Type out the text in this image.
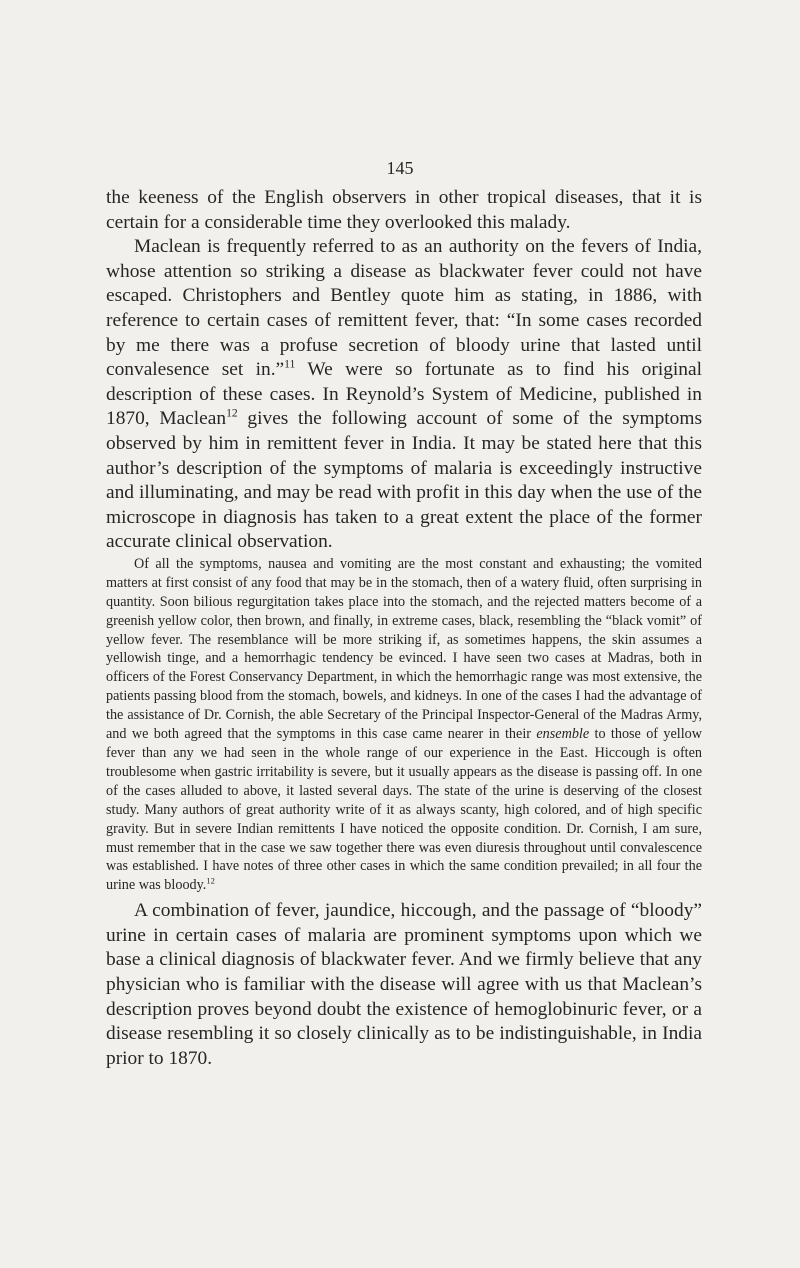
145

the keeness of the English observers in other tropical diseases, that it is certain for a considerable time they overlooked this malady.

Maclean is frequently referred to as an authority on the fevers of India, whose attention so striking a disease as blackwater fever could not have escaped. Christophers and Bentley quote him as stating, in 1886, with reference to certain cases of remittent fever, that: “In some cases recorded by me there was a profuse secretion of bloody urine that lasted until convalesence set in.”$^{11}$ We were so fortunate as to find his original description of these cases. In Reynold’s System of Medicine, published in 1870, Maclean$^{12}$ gives the following account of some of the symptoms observed by him in remittent fever in India. It may be stated here that this author’s description of the symptoms of malaria is exceedingly instructive and illuminating, and may be read with profit in this day when the use of the microscope in diagnosis has taken to a great extent the place of the former accurate clinical observation.

Of all the symptoms, nausea and vomiting are the most constant and exhausting; the vomited matters at first consist of any food that may be in the stomach, then of a watery fluid, often surprising in quantity. Soon bilious regurgitation takes place into the stomach, and the rejected matters become of a greenish yellow color, then brown, and finally, in extreme cases, black, resembling the “black vomit” of yellow fever. The resemblance will be more striking if, as sometimes happens, the skin assumes a yellowish tinge, and a hemorrhagic tendency be evinced. I have seen two cases at Madras, both in officers of the Forest Conservancy Department, in which the hemorrhagic range was most extensive, the patients passing blood from the stomach, bowels, and kidneys. In one of the cases I had the advantage of the assistance of Dr. Cornish, the able Secretary of the Principal Inspector-General of the Madras Army, and we both agreed that the symptoms in this case came nearer in their ensemble to those of yellow fever than any we had seen in the whole range of our experience in the East. Hiccough is often troublesome when gastric irritability is severe, but it usually appears as the disease is passing off. In one of the cases alluded to above, it lasted several days. The state of the urine is deserving of the closest study. Many authors of great authority write of it as always scanty, high colored, and of high specific gravity. But in severe Indian remittents I have noticed the opposite condition. Dr. Cornish, I am sure, must remember that in the case we saw together there was even diuresis throughout until convalescence was established. I have notes of three other cases in which the same condition prevailed; in all four the urine was bloody.$^{12}$

A combination of fever, jaundice, hiccough, and the passage of “bloody” urine in certain cases of malaria are prominent symptoms upon which we base a clinical diagnosis of blackwater fever. And we firmly believe that any physician who is familiar with the disease will agree with us that Maclean’s description proves beyond doubt the existence of hemoglobinuric fever, or a disease resembling it so closely clinically as to be indistinguishable, in India prior to 1870.
